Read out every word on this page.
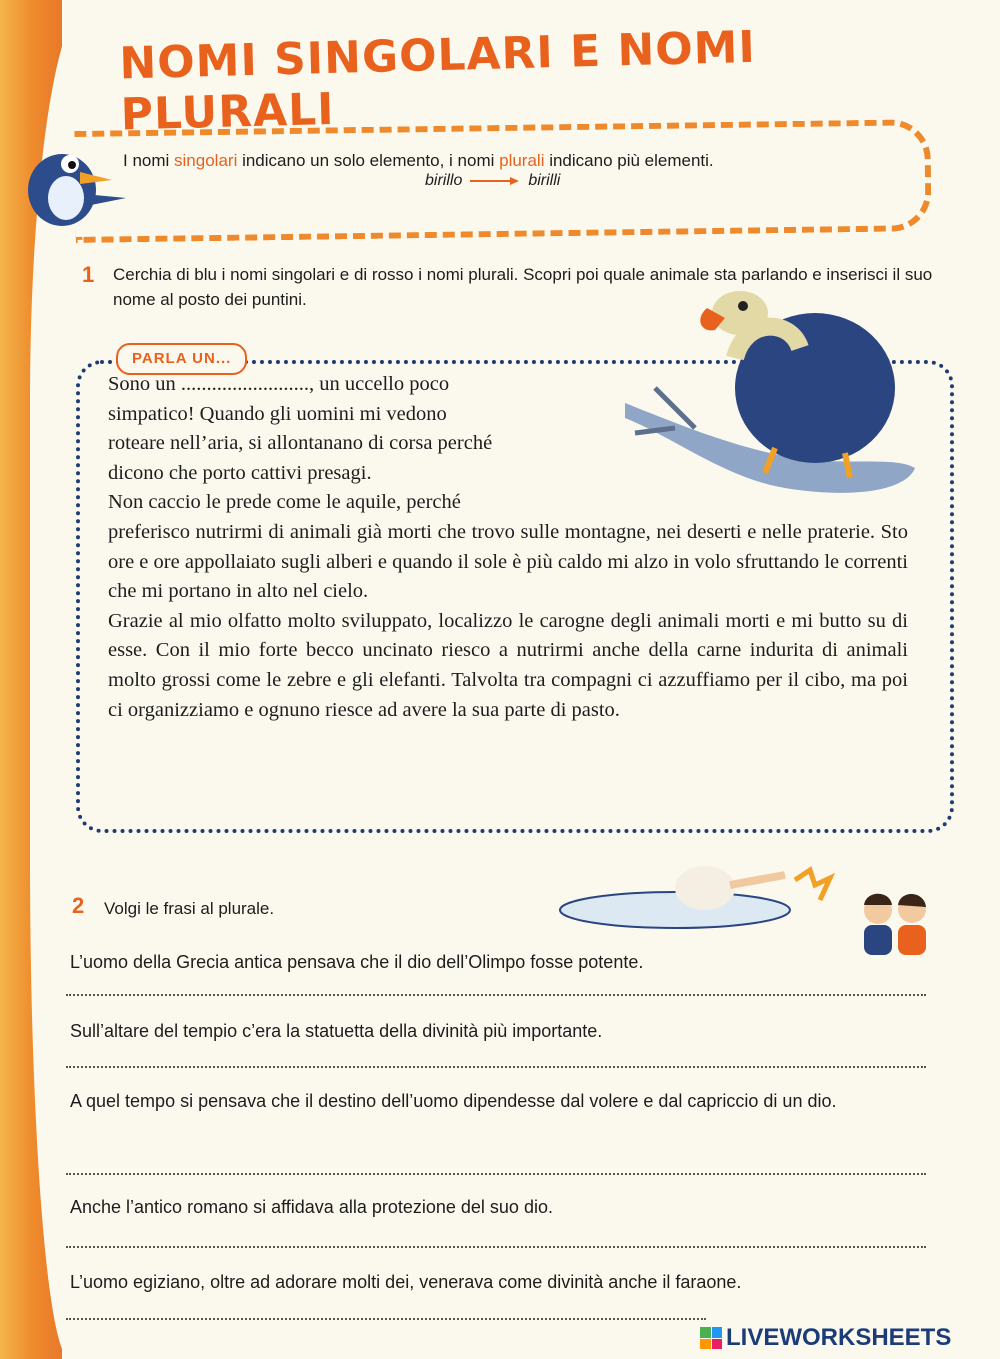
NOMI SINGOLARI E NOMI PLURALI
I nomi singolari indicano un solo elemento, i nomi plurali indicano più elementi.
birillo	birilli
1 Cerchia di blu i nomi singolari e di rosso i nomi plurali. Scopri poi quale animale sta parlando e inserisci il suo nome al posto dei puntini.
PARLA UN...

Sono un ........................., un uccello poco

simpatico! Quando gli uomini mi vedono

roteare nell’aria, si allontanano di corsa perché

dicono che porto cattivi presagi.

Non caccio le prede come le aquile, perché

preferisco nutrirmi di animali già morti che trovo sulle montagne, nei deserti e nelle praterie. Sto ore e ore appollaiato sugli alberi e quando il sole è più caldo mi alzo in volo sfruttando le correnti che mi portano in alto nel cielo.

Grazie al mio olfatto molto sviluppato, localizzo le carogne degli animali morti e mi butto su di esse. Con il mio forte becco uncinato riesco a nutrirmi anche della carne indurita di animali molto grossi come le zebre e gli elefanti. Talvolta tra compagni ci azzuffiamo per il cibo, ma poi ci organizziamo e ognuno riesce ad avere la sua parte di pasto.

2 Volgi le frasi al plurale.
L’uomo della Grecia antica pensava che il dio dell’Olimpo fosse potente.
Sull’altare del tempio c’era la statuetta della divinità più importante.
A quel tempo si pensava che il destino dell’uomo dipendesse dal volere e dal capriccio di un dio.
Anche l’antico romano si affidava alla protezione del suo dio.
L’uomo egiziano, oltre ad adorare molti dei, venerava come divinità anche il faraone.
LIVEWORKSHEETS
